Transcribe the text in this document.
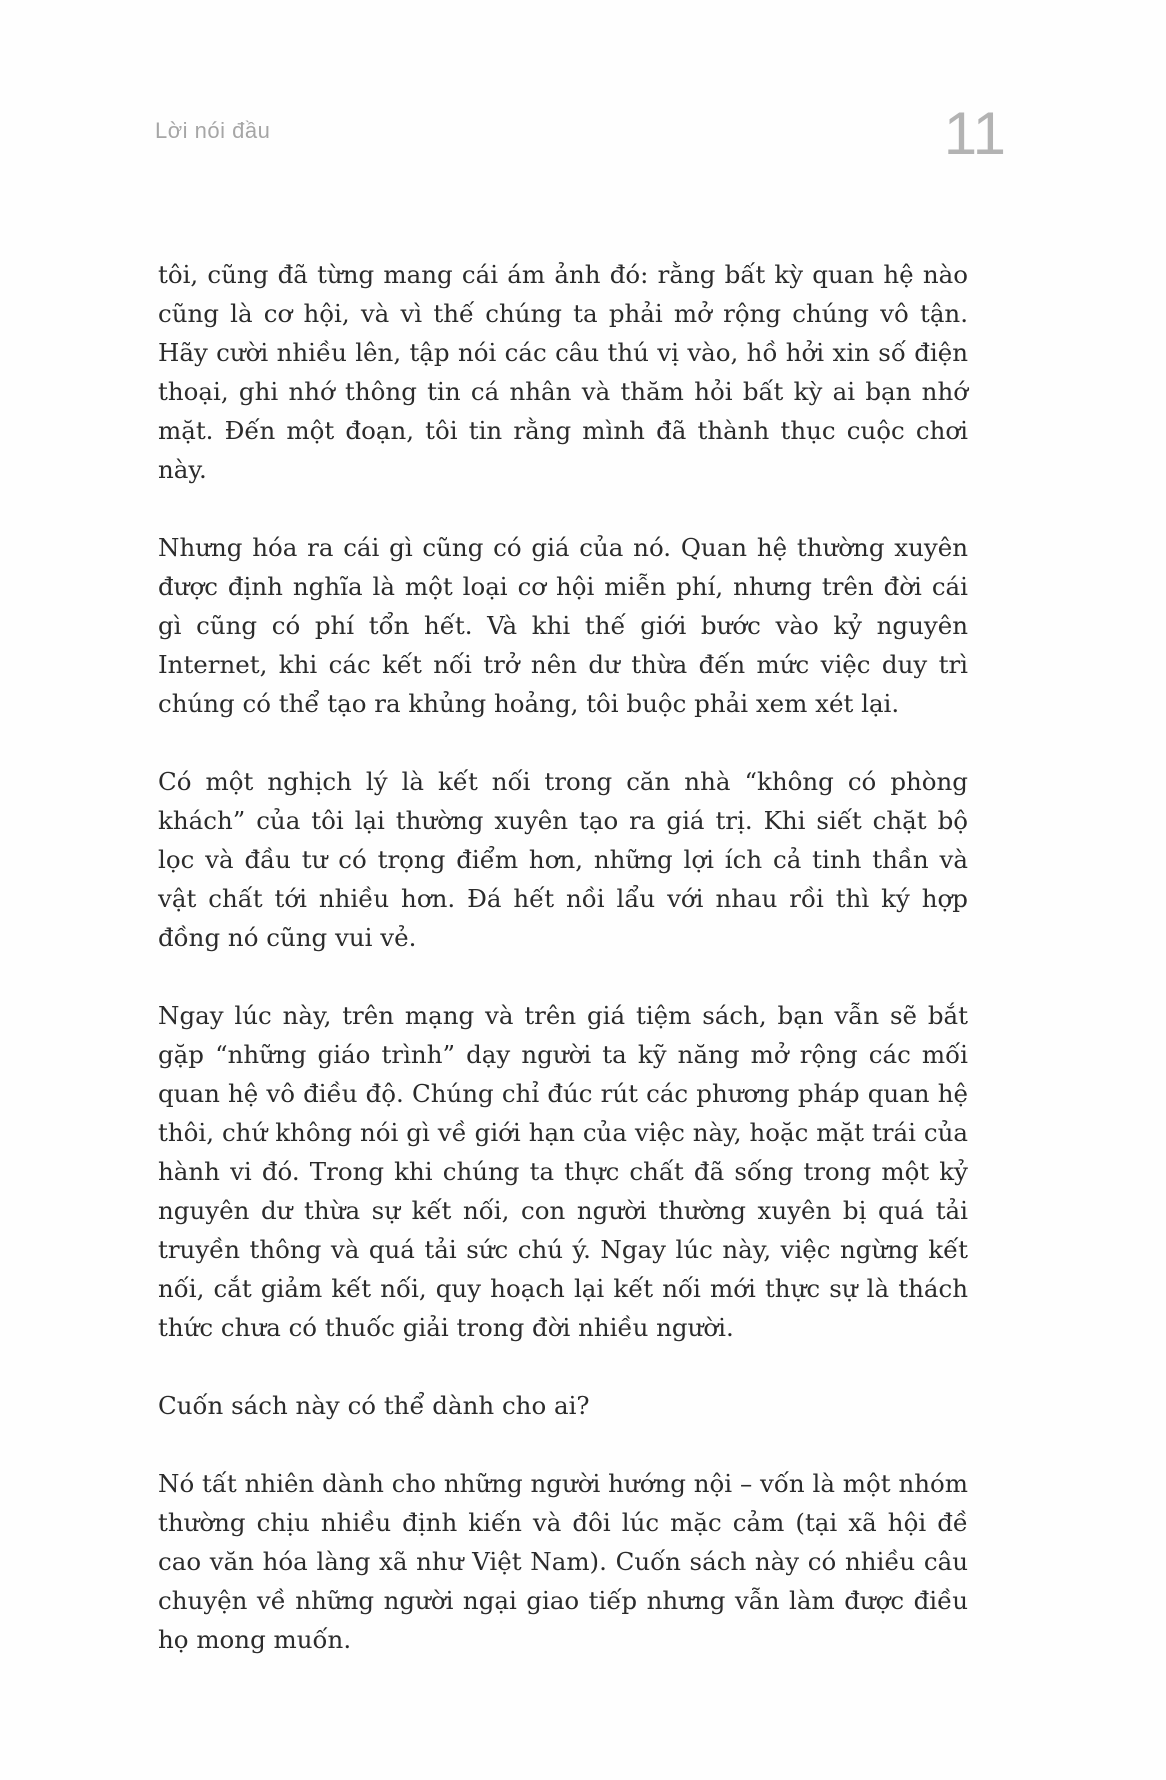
Lời nói đầu	11

tôi, cũng đã từng mang cái ám ảnh đó: rằng bất kỳ quan hệ nào cũng là cơ hội, và vì thế chúng ta phải mở rộng chúng vô tận. Hãy cười nhiều lên, tập nói các câu thú vị vào, hồ hởi xin số điện thoại, ghi nhớ thông tin cá nhân và thăm hỏi bất kỳ ai bạn nhớ mặt. Đến một đoạn, tôi tin rằng mình đã thành thục cuộc chơi này.

Nhưng hóa ra cái gì cũng có giá của nó. Quan hệ thường xuyên được định nghĩa là một loại cơ hội miễn phí, nhưng trên đời cái gì cũng có phí tổn hết. Và khi thế giới bước vào kỷ nguyên Internet, khi các kết nối trở nên dư thừa đến mức việc duy trì chúng có thể tạo ra khủng hoảng, tôi buộc phải xem xét lại.

Có một nghịch lý là kết nối trong căn nhà “không có phòng khách” của tôi lại thường xuyên tạo ra giá trị. Khi siết chặt bộ lọc và đầu tư có trọng điểm hơn, những lợi ích cả tinh thần và vật chất tới nhiều hơn. Đá hết nồi lẩu với nhau rồi thì ký hợp đồng nó cũng vui vẻ.

Ngay lúc này, trên mạng và trên giá tiệm sách, bạn vẫn sẽ bắt gặp “những giáo trình” dạy người ta kỹ năng mở rộng các mối quan hệ vô điều độ. Chúng chỉ đúc rút các phương pháp quan hệ thôi, chứ không nói gì về giới hạn của việc này, hoặc mặt trái của hành vi đó. Trong khi chúng ta thực chất đã sống trong một kỷ nguyên dư thừa sự kết nối, con người thường xuyên bị quá tải truyền thông và quá tải sức chú ý. Ngay lúc này, việc ngừng kết nối, cắt giảm kết nối, quy hoạch lại kết nối mới thực sự là thách thức chưa có thuốc giải trong đời nhiều người.

Cuốn sách này có thể dành cho ai?

Nó tất nhiên dành cho những người hướng nội – vốn là một nhóm thường chịu nhiều định kiến và đôi lúc mặc cảm (tại xã hội đề cao văn hóa làng xã như Việt Nam). Cuốn sách này có nhiều câu chuyện về những người ngại giao tiếp nhưng vẫn làm được điều họ mong muốn.
